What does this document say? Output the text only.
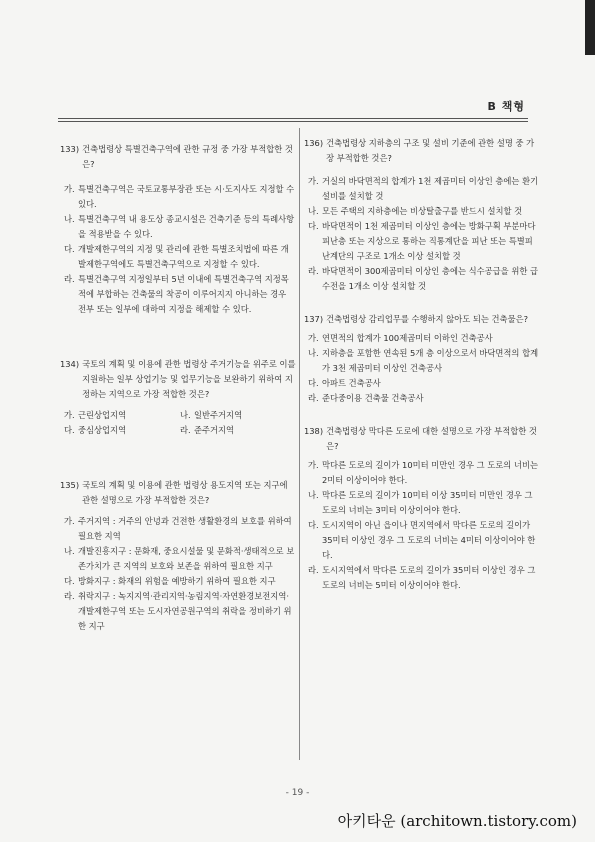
B 책형
133) 건축법령상 특별건축구역에 관한 규정 중 가장 부적합한 것은?
가. 특별건축구역은 국토교통부장관 또는 시·도지사도 지정할 수 있다.
나. 특별건축구역 내 용도상 종교시설은 건축기준 등의 특례사항을 적용받을 수 있다.
다. 개발제한구역의 지정 및 관리에 관한 특별조치법에 따른 개발제한구역에도 특별건축구역으로 지정할 수 있다.
라. 특별건축구역 지정일부터 5년 이내에 특별건축구역 지정목적에 부합하는 건축물의 착공이 이루어지지 아니하는 경우 전부 또는 일부에 대하여 지정을 해제할 수 있다.
134) 국토의 계획 및 이용에 관한 법령상 주거기능을 위주로 이를 지원하는 일부 상업기능 및 업무기능을 보완하기 위하여 지정하는 지역으로 가장 적합한 것은?
가. 근린상업지역	나. 일반주거지역
다. 중심상업지역	라. 준주거지역
135) 국토의 계획 및 이용에 관한 법령상 용도지역 또는 지구에 관한 설명으로 가장 부적합한 것은?
가. 주거지역 : 거주의 안녕과 건전한 생활환경의 보호를 위하여 필요한 지역
나. 개발진흥지구 : 문화재, 중요시설물 및 문화적·생태적으로 보존가치가 큰 지역의 보호와 보존을 위하여 필요한 지구
다. 방화지구 : 화재의 위험을 예방하기 위하여 필요한 지구
라. 취락지구 : 녹지지역·관리지역·농림지역·자연환경보전지역·개발제한구역 또는 도시자연공원구역의 취락을 정비하기 위한 지구
136) 건축법령상 지하층의 구조 및 설비 기준에 관한 설명 중 가장 부적합한 것은?
가. 거실의 바닥면적의 합계가 1천 제곱미터 이상인 층에는 환기설비를 설치할 것
나. 모든 주택의 지하층에는 비상탈출구를 반드시 설치할 것
다. 바닥면적이 1천 제곱미터 이상인 층에는 방화구획 부분마다 피난층 또는 지상으로 통하는 직통계단을 피난 또는 특별피난계단의 구조로 1개소 이상 설치할 것
라. 바닥면적이 300제곱미터 이상인 층에는 식수공급을 위한 급수전을 1개소 이상 설치할 것
137) 건축법령상 감리업무를 수행하지 않아도 되는 건축물은?
가. 연면적의 합계가 100제곱미터 이하인 건축공사
나. 지하층을 포함한 연속된 5개 층 이상으로서 바닥면적의 합계가 3천 제곱미터 이상인 건축공사
다. 아파트 건축공사
라. 준다중이용 건축물 건축공사
138) 건축법령상 막다른 도로에 대한 설명으로 가장 부적합한 것은?
가. 막다른 도로의 길이가 10미터 미만인 경우 그 도로의 너비는 2미터 이상이어야 한다.
나. 막다른 도로의 길이가 10미터 이상 35미터 미만인 경우 그 도로의 너비는 3미터 이상이어야 한다.
다. 도시지역이 아닌 읍이나 면지역에서 막다른 도로의 길이가 35미터 이상인 경우 그 도로의 너비는 4미터 이상이어야 한다.
라. 도시지역에서 막다른 도로의 길이가 35미터 이상인 경우 그 도로의 너비는 5미터 이상이어야 한다.
- 19 -
아키타운 (architown.tistory.com)
